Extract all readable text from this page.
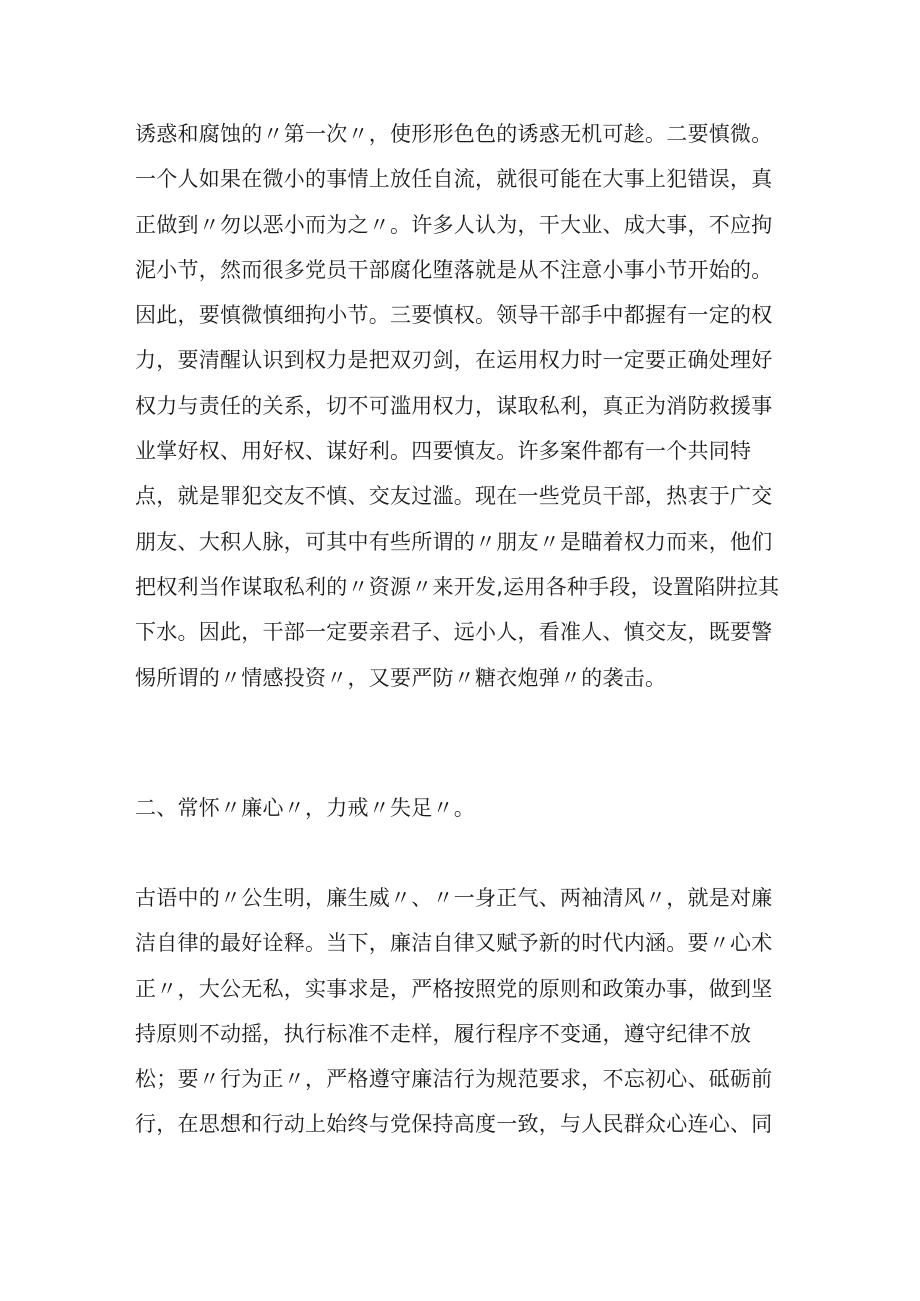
诱惑和腐蚀的〃第一次〃，使形形色色的诱惑无机可趁。二要慎微。
一个人如果在微小的事情上放任自流，就很可能在大事上犯错误，真
正做到〃勿以恶小而为之〃。许多人认为，干大业、成大事，不应拘
泥小节，然而很多党员干部腐化堕落就是从不注意小事小节开始的。
因此，要慎微慎细拘小节。三要慎权。领导干部手中都握有一定的权
力，要清醒认识到权力是把双刃剑，在运用权力时一定要正确处理好
权力与责任的关系，切不可滥用权力，谋取私利，真正为消防救援事
业掌好权、用好权、谋好利。四要慎友。许多案件都有一个共同特
点，就是罪犯交友不慎、交友过滥。现在一些党员干部，热衷于广交
朋友、大积人脉，可其中有些所谓的〃朋友〃是瞄着权力而来，他们
把权利当作谋取私利的〃资源〃来开发,运用各种手段，设置陷阱拉其
下水。因此，干部一定要亲君子、远小人，看准人、慎交友，既要警
惕所谓的〃情感投资〃，又要严防〃糖衣炮弹〃的袭击。
二、常怀〃廉心〃，力戒〃失足〃。
古语中的〃公生明，廉生威〃、〃一身正气、两袖清风〃，就是对廉
洁自律的最好诠释。当下，廉洁自律又赋予新的时代内涵。要〃心术
正〃，大公无私，实事求是，严格按照党的原则和政策办事，做到坚
持原则不动摇，执行标准不走样，履行程序不变通，遵守纪律不放
松；要〃行为正〃，严格遵守廉洁行为规范要求，不忘初心、砥砺前
行，在思想和行动上始终与党保持高度一致，与人民群众心连心、同
